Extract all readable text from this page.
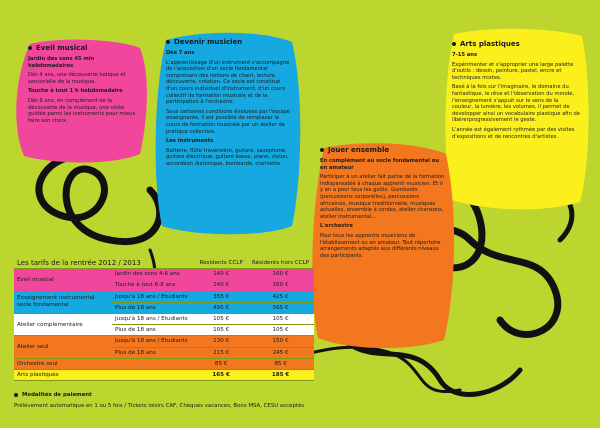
Eveil musical

Jardin des sons 45 min hebdomadaires

Dès 4 ans, une découverte ludique et sensorielle de la musique.

Touche à tout 1 h hebdomadaire

Dès 6 ans, en complément de la découverte de la musique, une visite guidée parmi les instruments pour mieux faire son choix.

Devenir musicien

Dès 7 ans

L'apprentissage d'un instrument s'accompagne de l'acquisition d'un socle fondamental comprenant des notions de chant, lecture, découverte, création. Ce socle est constitué d'un cours individuel d'instrument, d'un cours collectif de formation musicale et de la participation à l'orchestre.

Sous certaines conditions évaluées par l'équipe enseignante, il est possible de remplacer le cours de formation musicale par un atelier de pratique collective.

Les instruments

Batterie, flûte traversière, guitare, saxophone, guitare électrique, guitare basse, piano, violon, accordéon diatonique, bombarde, clarinette.

Arts plastiques

7-15 ans

Expérimenter et s'approprier une large palette d'outils : dessin, peinture, pastel, encre et techniques mixtes.

Basé à la fois sur l'imaginaire, le domaine du fantastique, le rêve et l'observation du monde, l'enseignement s'appuit sur le sens de la couleur, la lumière, les volumes, il permet de développer ainsi un vocabulaire plastique afin de libérerprogressivement le geste.

L'année est également rythmée par des visites d'expositions et de rencontres d'artistes.

Jouer ensemble

En complément au socle fondamental ou en amateur

Participer à un atelier fait partie de la formation indispensable à chaque apprenti musicien. Et il y en a pour tous les goûts. Gumboots (percussions corporelles), percussions africaines, musique traditionnelle, musiques actuelles, ensemble à cordes, atelier chansons, atelier instrumental...

L'orchestre

Pour tous les apprentis musiciens de l'établissement ou en amateur. Tout répertoire arrangements adaptés aux différents niveaux des participants.

Les tarifs de la rentrée 2012 / 2013		Résidents CCLP	Résidents hors CCLP
Eveil musical	Jardin des sons 4-6 ans	140 €	160 €
	Touche à tout 6-8 ans	140 €	160 €
Enseignement instrumental socle fondamental	Jusqu'à 18 ans / Etudiants	355 €	425 €
	Plus de 18 ans	495 €	565 €
Atelier complémentaire	Jusqu'à 18 ans / Etudiants	105 €	105 €
	Plus de 18 ans	105 €	105 €
Atelier seul	Jusqu'à 18 ans / Etudiants	130 €	150 €
	Plus de 18 ans	215 €	245 €
Orchestre seul		85 €	85 €
Arts plastiques		165 €	185 €
Modalités de paiement
Prélèvement automatique en 1 ou 5 fois / Tickets loisirs CAF, Chèques vacances, Bons MSA, CESU acceptés
